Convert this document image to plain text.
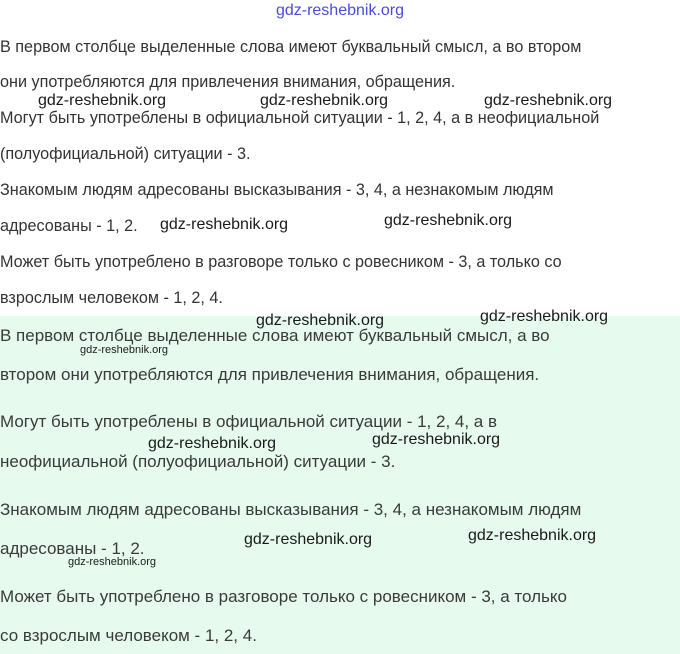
В первом столбце выделенные слова имеют буквальный смысл, а во втором
они употребляются для привлечения внимания, обращения.
Могут быть употреблены в официальной ситуации - 1, 2, 4, а в неофициальной
(полуофициальной) ситуации - 3.
Знакомым людям адресованы высказывания - 3, 4, а незнакомым людям
адресованы - 1, 2.
Может быть употреблено в разговоре только с ровесником - 3, а только со
взрослым человеком - 1, 2, 4.
В первом столбце выделенные слова имеют буквальный смысл, а во
втором они употребляются для привлечения внимания, обращения.
Могут быть употреблены в официальной ситуации - 1, 2, 4, а в
неофициальной (полуофициальной) ситуации - 3.
Знакомым людям адресованы высказывания - 3, 4, а незнакомым людям
адресованы - 1, 2.
Может быть употреблено в разговоре только с ровесником - 3, а только
со взрослым человеком - 1, 2, 4.
gdz-reshebnik.org
gdz-reshebnik.org	gdz-reshebnik.org	gdz-reshebnik.org
gdz-reshebnik.org	gdz-reshebnik.org
gdz-reshebnik.org
gdz-reshebnik.org
gdz-reshebnik.org
gdz-reshebnik.org	gdz-reshebnik.org
gdz-reshebnik.org	gdz-reshebnik.org
gdz-reshebnik.org
